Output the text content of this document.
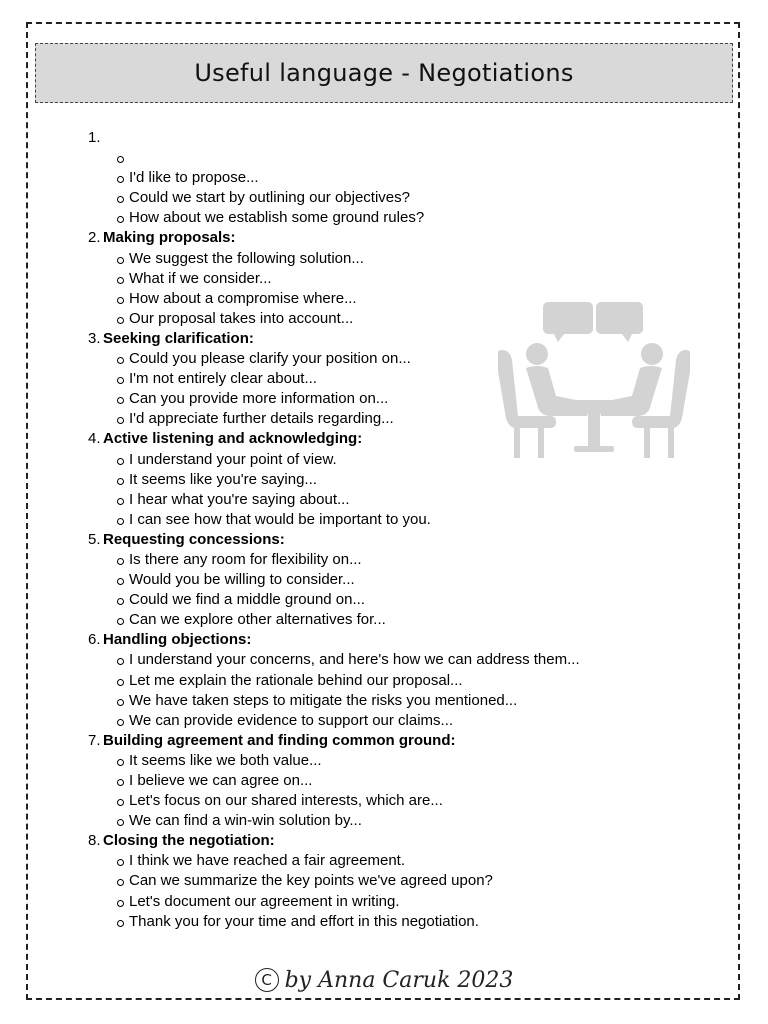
Useful language - Negotiations
1.
I'd like to propose...
Could we start by outlining our objectives?
How about we establish some ground rules?
2. Making proposals:
We suggest the following solution...
What if we consider...
How about a compromise where...
Our proposal takes into account...
3. Seeking clarification:
Could you please clarify your position on...
I'm not entirely clear about...
Can you provide more information on...
I'd appreciate further details regarding...
4. Active listening and acknowledging:
I understand your point of view.
It seems like you're saying...
I hear what you're saying about...
I can see how that would be important to you.
5. Requesting concessions:
Is there any room for flexibility on...
Would you be willing to consider...
Could we find a middle ground on...
Can we explore other alternatives for...
6. Handling objections:
I understand your concerns, and here's how we can address them...
Let me explain the rationale behind our proposal...
We have taken steps to mitigate the risks you mentioned...
We can provide evidence to support our claims...
7. Building agreement and finding common ground:
It seems like we both value...
I believe we can agree on...
Let's focus on our shared interests, which are...
We can find a win-win solution by...
8. Closing the negotiation:
I think we have reached a fair agreement.
Can we summarize the key points we've agreed upon?
Let's document our agreement in writing.
Thank you for your time and effort in this negotiation.
C by Anna Caruk 2023
